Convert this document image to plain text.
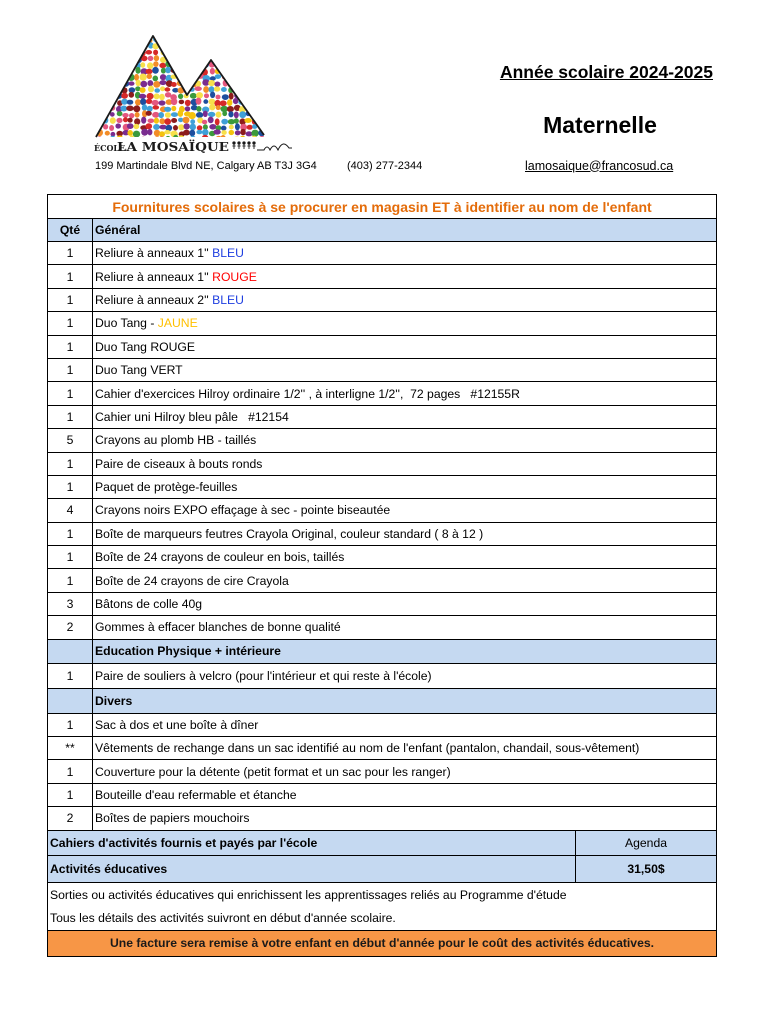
ÉCOLE
LA MOSAÏQUE
Année scolaire 2024-2025
Maternelle
199 Martindale Blvd NE, Calgary AB T3J 3G4	(403) 277-2344	lamosaique@francosud.ca
Fournitures scolaires à se procurer en magasin ET à identifier au nom de l'enfant
Qté	Général
1	Reliure à anneaux 1'' BLEU
1	Reliure à anneaux 1'' ROUGE
1	Reliure à anneaux 2'' BLEU
1	Duo Tang - JAUNE
1	Duo Tang ROUGE
1	Duo Tang VERT
1	Cahier d'exercices Hilroy ordinaire 1/2'' , à interligne 1/2'',  72 pages   #12155R
1	Cahier uni Hilroy bleu pâle   #12154
5	Crayons au plomb HB - taillés
1	Paire de ciseaux à bouts ronds
1	Paquet de protège-feuilles
4	Crayons noirs EXPO effaçage à sec - pointe biseautée
1	Boîte de marqueurs feutres Crayola Original, couleur standard ( 8 à 12 )
1	Boîte de 24 crayons de couleur en bois, taillés
1	Boîte de 24 crayons de cire Crayola
3	Bâtons de colle 40g
2	Gommes à effacer blanches de bonne qualité
Education Physique + intérieure
1	Paire de souliers à velcro (pour l'intérieur et qui reste à l'école)
Divers
1	Sac à dos et une boîte à dîner
**	Vêtements de rechange dans un sac identifié au nom de l'enfant (pantalon, chandail, sous-vêtement)
1	Couverture pour la détente (petit format et un sac pour les ranger)
1	Bouteille d'eau refermable et étanche
2	Boîtes de papiers mouchoirs
Cahiers d'activités fournis et payés par l'école	Agenda
Activités éducatives	31,50$
Sorties ou activités éducatives qui enrichissent les apprentissages reliés au Programme d'étude
Tous les détails des activités suivront en début d'année scolaire.
Une facture sera remise à votre enfant en début d'année pour le coût des activités éducatives.
